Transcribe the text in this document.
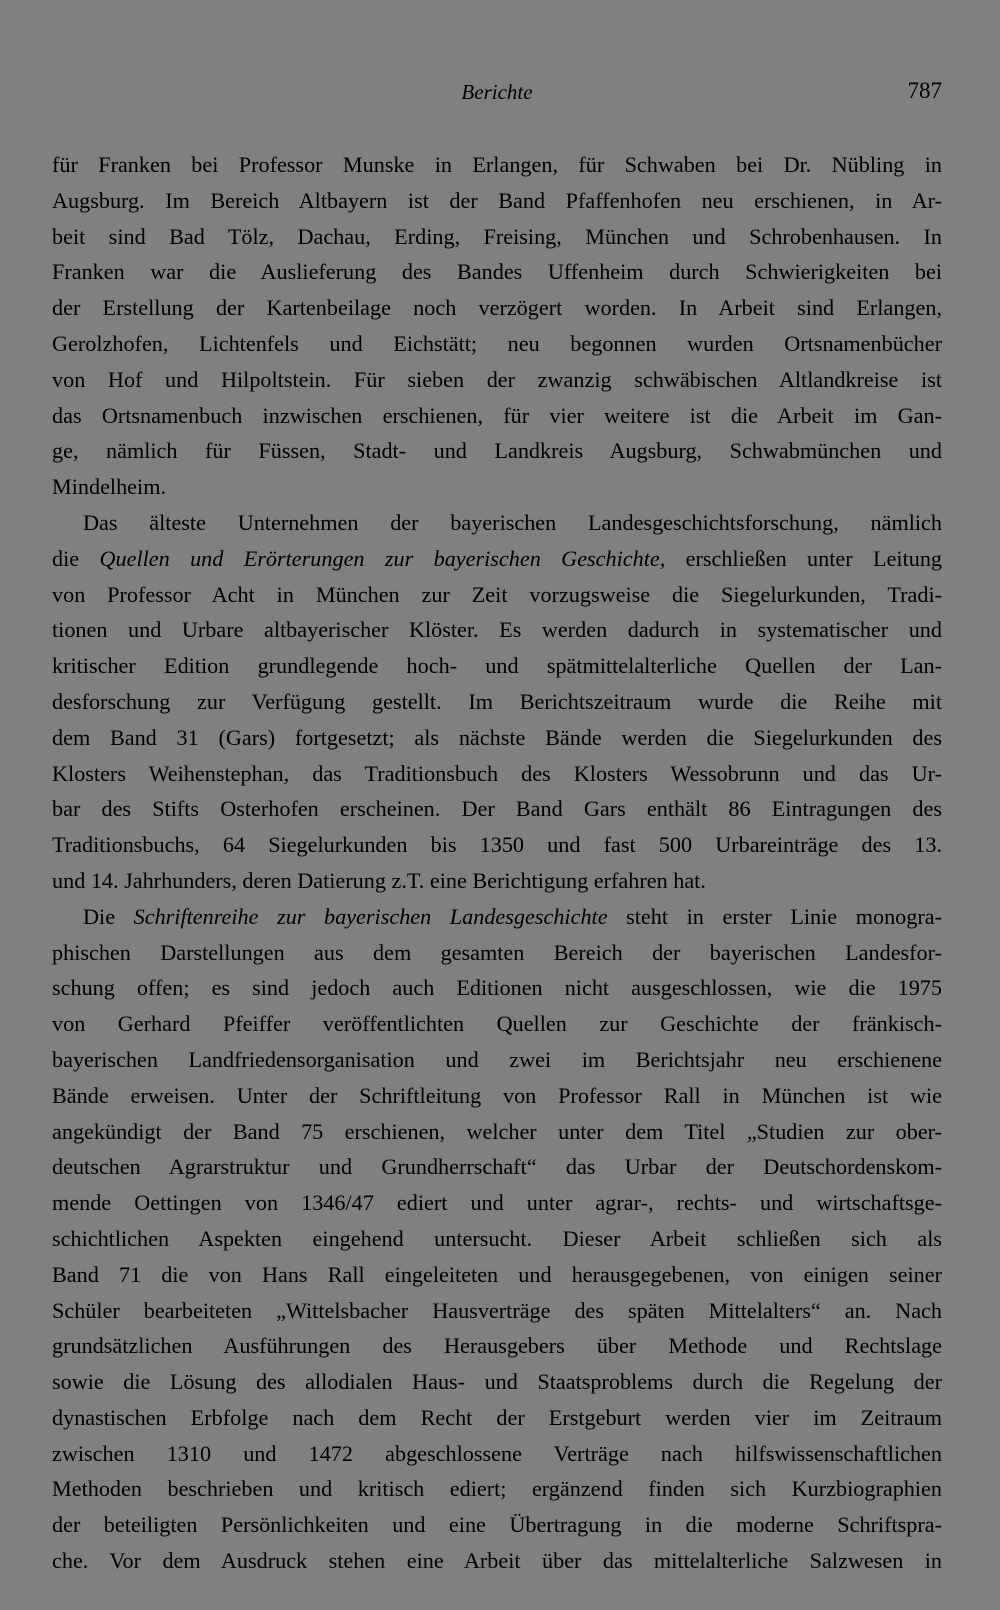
Berichte	787

für Franken bei Professor Munske in Erlangen, für Schwaben bei Dr. Nübling in
Augsburg. Im Bereich Altbayern ist der Band Pfaffenhofen neu erschienen, in Ar-
beit sind Bad Tölz, Dachau, Erding, Freising, München und Schrobenhausen. In
Franken war die Auslieferung des Bandes Uffenheim durch Schwierigkeiten bei
der Erstellung der Kartenbeilage noch verzögert worden. In Arbeit sind Erlangen,
Gerolzhofen, Lichtenfels und Eichstätt; neu begonnen wurden Ortsnamenbücher
von Hof und Hilpoltstein. Für sieben der zwanzig schwäbischen Altlandkreise ist
das Ortsnamenbuch inzwischen erschienen, für vier weitere ist die Arbeit im Gan-
ge, nämlich für Füssen, Stadt- und Landkreis Augsburg, Schwabmünchen und
Mindelheim.

Das älteste Unternehmen der bayerischen Landesgeschichtsforschung, nämlich
die Quellen und Erörterungen zur bayerischen Geschichte, erschließen unter Leitung
von Professor Acht in München zur Zeit vorzugsweise die Siegelurkunden, Tradi-
tionen und Urbare altbayerischer Klöster. Es werden dadurch in systematischer und
kritischer Edition grundlegende hoch- und spätmittelalterliche Quellen der Lan-
desforschung zur Verfügung gestellt. Im Berichtszeitraum wurde die Reihe mit
dem Band 31 (Gars) fortgesetzt; als nächste Bände werden die Siegelurkunden des
Klosters Weihenstephan, das Traditionsbuch des Klosters Wessobrunn und das Ur-
bar des Stifts Osterhofen erscheinen. Der Band Gars enthält 86 Eintragungen des
Traditionsbuchs, 64 Siegelurkunden bis 1350 und fast 500 Urbareinträge des 13.
und 14. Jahrhunders, deren Datierung z.T. eine Berichtigung erfahren hat.

Die Schriftenreihe zur bayerischen Landesgeschichte steht in erster Linie monogra-
phischen Darstellungen aus dem gesamten Bereich der bayerischen Landesfor-
schung offen; es sind jedoch auch Editionen nicht ausgeschlossen, wie die 1975
von Gerhard Pfeiffer veröffentlichten Quellen zur Geschichte der fränkisch-
bayerischen Landfriedensorganisation und zwei im Berichtsjahr neu erschienene
Bände erweisen. Unter der Schriftleitung von Professor Rall in München ist wie
angekündigt der Band 75 erschienen, welcher unter dem Titel „Studien zur ober-
deutschen Agrarstruktur und Grundherrschaft“ das Urbar der Deutschordenskom-
mende Oettingen von 1346/47 ediert und unter agrar-, rechts- und wirtschaftsge-
schichtlichen Aspekten eingehend untersucht. Dieser Arbeit schließen sich als
Band 71 die von Hans Rall eingeleiteten und herausgegebenen, von einigen seiner
Schüler bearbeiteten „Wittelsbacher Hausverträge des späten Mittelalters“ an. Nach
grundsätzlichen Ausführungen des Herausgebers über Methode und Rechtslage
sowie die Lösung des allodialen Haus- und Staatsproblems durch die Regelung der
dynastischen Erbfolge nach dem Recht der Erstgeburt werden vier im Zeitraum
zwischen 1310 und 1472 abgeschlossene Verträge nach hilfswissenschaftlichen
Methoden beschrieben und kritisch ediert; ergänzend finden sich Kurzbiographien
der beteiligten Persönlichkeiten und eine Übertragung in die moderne Schriftspra-
che. Vor dem Ausdruck stehen eine Arbeit über das mittelalterliche Salzwesen in
